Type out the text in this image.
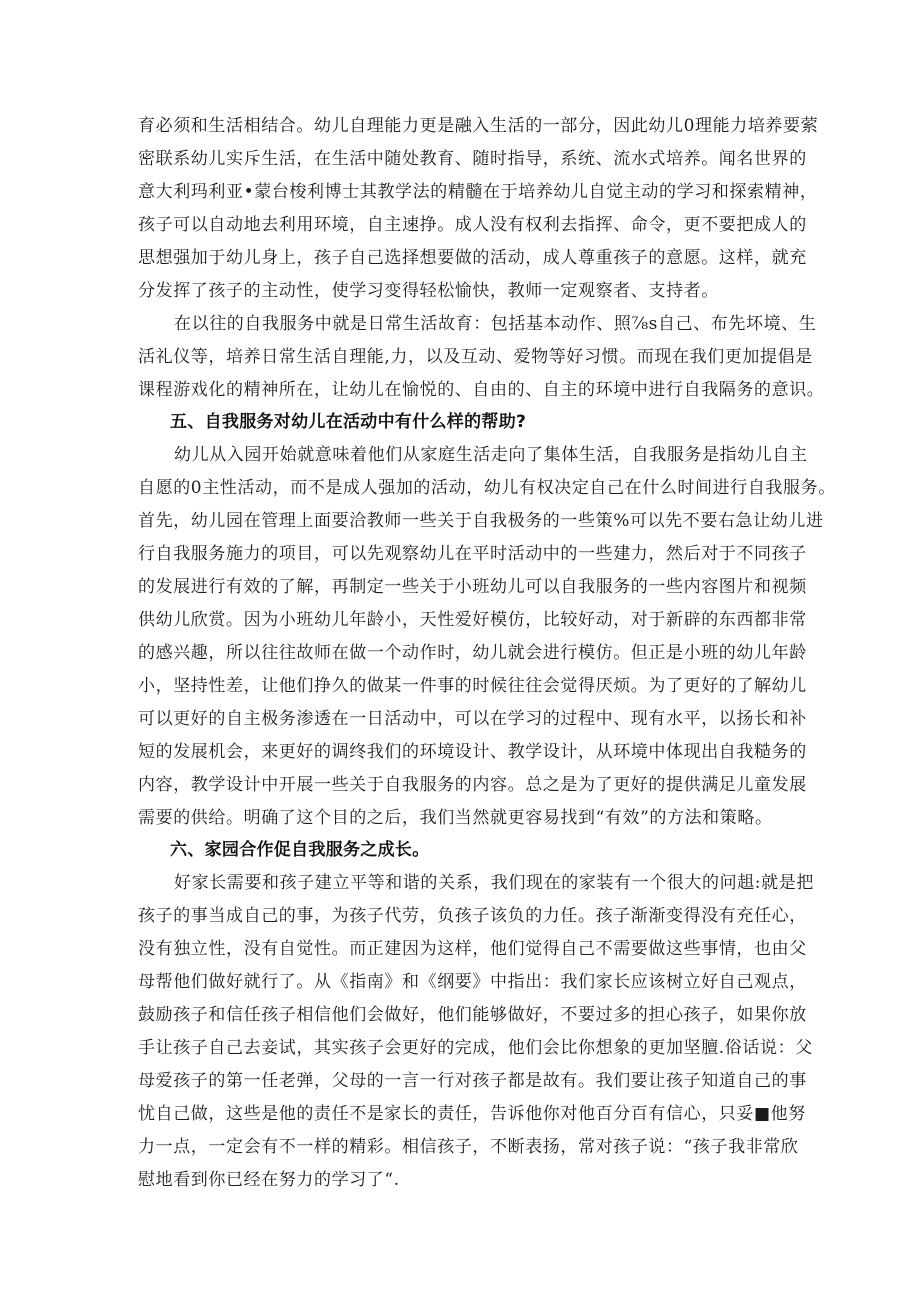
育必须和生活相结合。幼儿自理能力更是融入生活的一部分，因此幼儿0理能力培养要萦

密联系幼儿实斥生活，在生活中随处教育、随时指导，系统、流水式培养。闻名世界的

意大利玛利亚•蒙台梭利博士其教学法的精髓在于培养幼儿自觉主动的学习和探索精神，

孩子可以自动地去利用环境，自主速挣。成人没有权利去指挥、命令，更不要把成人的

思想强加于幼儿身上，孩子自己选择想要做的活动，成人尊重孩子的意愿。这样，就充

分发挥了孩子的主动性，使学习变得轻松愉快，教师一定观察者、支持者。

在以往的自我服务中就是日常生活故育：包括基本动作、照⅞s自己、布先坏境、生

活礼仪等，培养日常生活自理能,力，以及互动、爱物等好习惯。而现在我们更加提倡是

课程游戏化的精神所在，让幼儿在愉悦的、自由的、自主的环境中进行自我隔务的意识。

五、自我服务对幼儿在活动中有什么样的帮助?

幼儿从入园开始就意味着他们从家庭生活走向了集体生活，自我服务是指幼儿自主

自愿的0主性活动，而不是成人强加的活动，幼儿有权决定自己在什么时间进行自我服务。

首先，幼儿园在管理上面要洽教师一些关于自我极务的一些策%可以先不要右急让幼儿进

行自我服务施力的项目，可以先观察幼儿在平时活动中的一些建力，然后对于不同孩子

的发展进行有效的了解，再制定一些关于小班幼儿可以自我服务的一些内容图片和视频

供幼儿欣赏。因为小班幼儿年龄小，天性爱好模仿，比较好动，对于新辟的东西都非常

的感兴趣，所以往往故师在做一个动作时，幼儿就会进行模仿。但正是小班的幼儿年龄

小，坚持性差，让他们挣久的做某一件事的时候往往会觉得厌烦。为了更好的了解幼儿

可以更好的自主极务渗透在一日活动中，可以在学习的过程中、现有水平，以扬长和补

短的发展机会，来更好的调终我们的环境设计、教学设计，从环境中体现出自我糙务的

内容，教学设计中开展一些关于自我服务的内容。总之是为了更好的提供满足儿童发展

需要的供给。明确了这个目的之后，我们当然就更容易找到“有效”的方法和策略。

六、家园合作促自我服务之成长。

好家长需要和孩子建立平等和谐的关系，我们现在的家装有一个很大的问趄:就是把

孩子的事当成自己的事，为孩子代劳，负孩子该负的力任。孩子渐渐变得没有充任心，

没有独立性，没有自觉性。而正建因为这样，他们觉得自己不需要做这些事情，也由父

母帮他们做好就行了。从《指南》和《纲要》中指出：我们家长应该树立好自己观点，

鼓励孩子和信任孩子相信他们会做好，他们能够做好，不要过多的担心孩子，如果你放

手让孩子自己去妾试，其实孩子会更好的完成，他们会比你想象的更加坚膻.俗话说：父

母爱孩子的第一任老弹，父母的一言一行对孩子都是故有。我们要让孩子知道自己的事

忧自己做，这些是他的责任不是家长的责任，告诉他你对他百分百有信心，只妥■他努

力一点，一定会有不一样的精彩。相信孩子，不断表扬，常对孩子说：“孩子我非常欣

慰地看到你已经在努力的学习了“.
